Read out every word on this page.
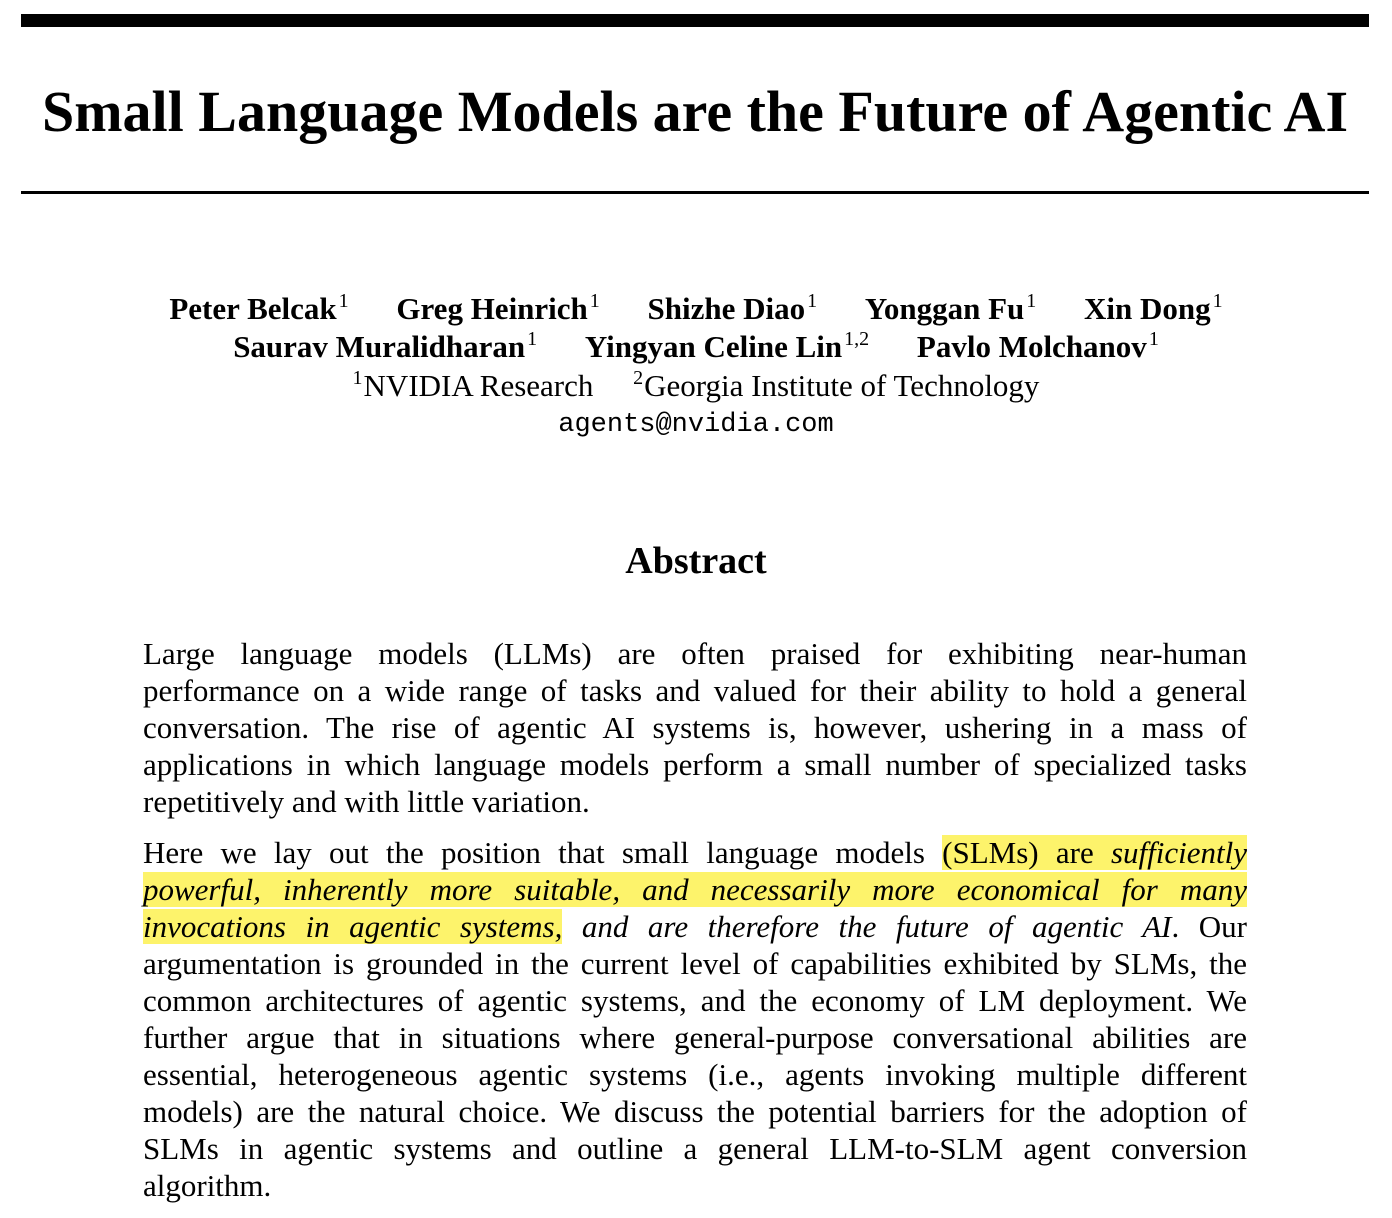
Small Language Models are the Future of Agentic AI
Peter Belcak $^1$ Greg Heinrich $^1$ Shizhe Diao $^1$ Yonggan Fu $^1$ Xin Dong $^1$
Saurav Muralidharan $^1$ Yingyan Celine Lin $^{1,2}$ Pavlo Molchanov $^1$
$^1$NVIDIA Research $^2$Georgia Institute of Technology
agents@nvidia.com
Abstract

Large language models (LLMs) are often praised for exhibiting near-human performance on a wide range of tasks and valued for their ability to hold a general conversation. The rise of agentic AI systems is, however, ushering in a mass of applications in which language models perform a small number of specialized tasks repetitively and with little variation.

Here we lay out the position that small language models (SLMs) are sufficiently powerful, inherently more suitable, and necessarily more economical for many invocations in agentic systems, and are therefore the future of agentic AI. Our argumentation is grounded in the current level of capabilities exhibited by SLMs, the common architectures of agentic systems, and the economy of LM deployment. We further argue that in situations where general-purpose conversational abilities are essential, heterogeneous agentic systems (i.e., agents invoking multiple different models) are the natural choice. We discuss the potential barriers for the adoption of SLMs in agentic systems and outline a general LLM-to-SLM agent conversion algorithm.
